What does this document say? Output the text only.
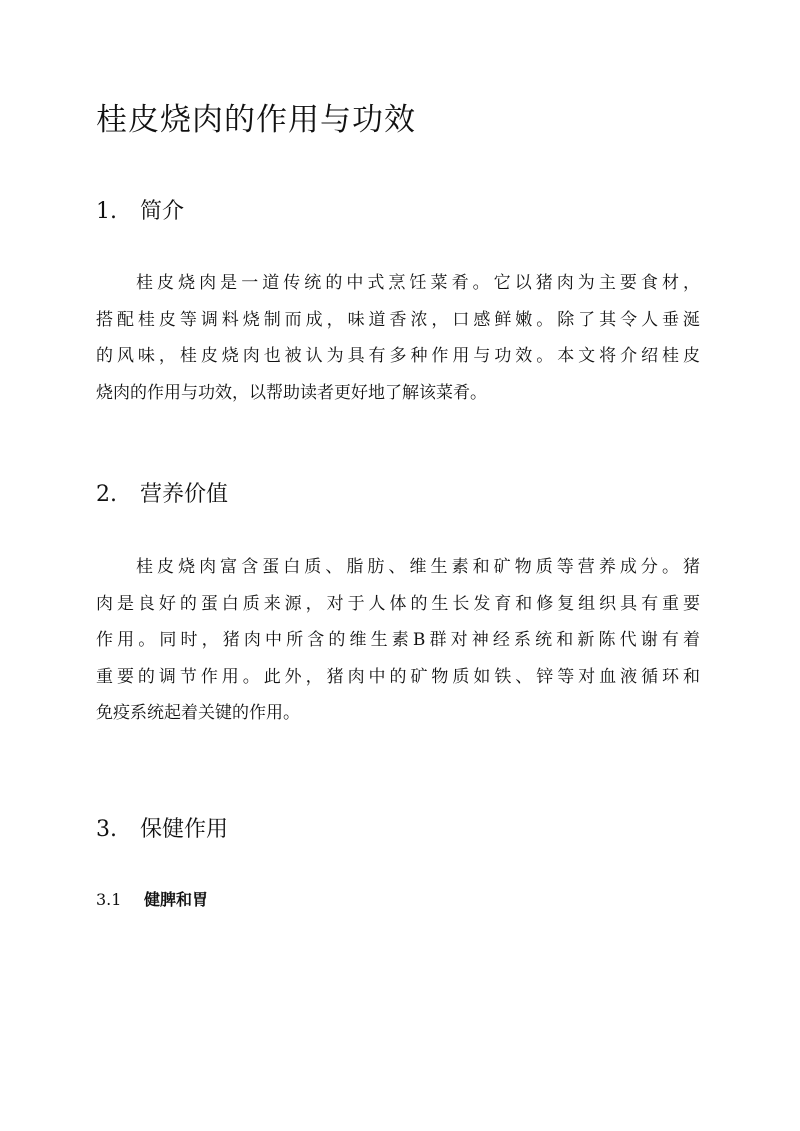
桂皮烧肉的作用与功效
1. 简介
桂皮烧肉是一道传统的中式烹饪菜肴。它以猪肉为主要食材，
搭配桂皮等调料烧制而成，味道香浓，口感鲜嫩。除了其令人垂涎
的风味，桂皮烧肉也被认为具有多种作用与功效。本文将介绍桂皮
烧肉的作用与功效，以帮助读者更好地了解该菜肴。
2. 营养价值
桂皮烧肉富含蛋白质、脂肪、维生素和矿物质等营养成分。猪
肉是良好的蛋白质来源，对于人体的生长发育和修复组织具有重要
作用。同时，猪肉中所含的维生素B群对神经系统和新陈代谢有着
重要的调节作用。此外，猪肉中的矿物质如铁、锌等对血液循环和
免疫系统起着关键的作用。
3. 保健作用
3.1 健脾和胃
